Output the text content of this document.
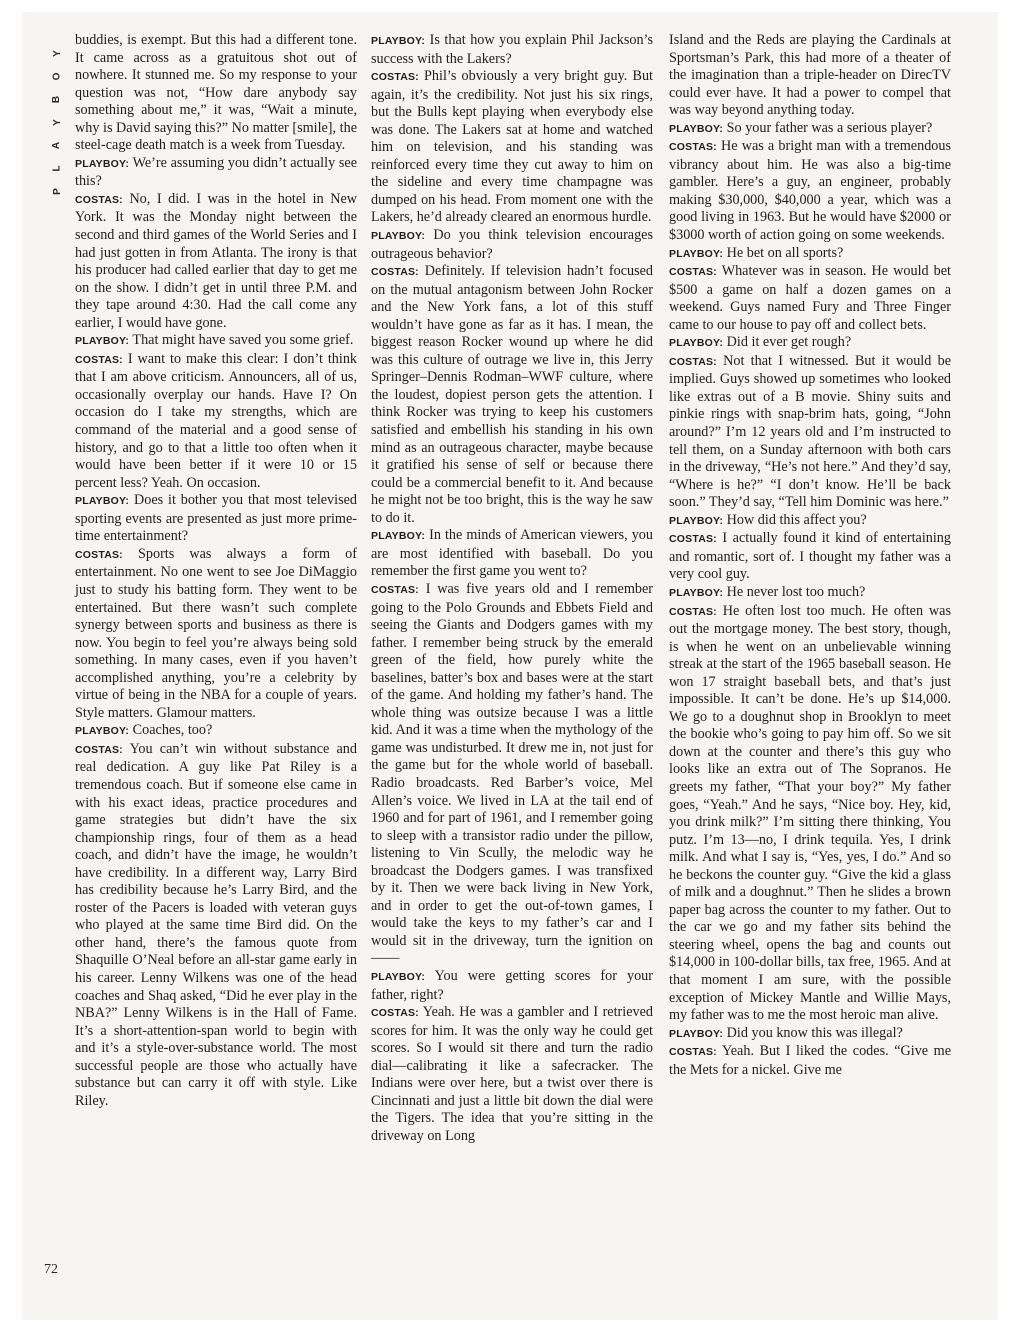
Y
O
B
Y
A
L
P

buddies, is exempt. But this had a different tone. It came across as a gratuitous shot out of nowhere. It stunned me. So my response to your question was not, “How dare anybody say something about me,” it was, “Wait a minute, why is David saying this?” No matter [smile], the steel-cage death match is a week from Tuesday.

PLAYBOY: We’re assuming you didn’t actually see this?

COSTAS: No, I did. I was in the hotel in New York. It was the Monday night between the second and third games of the World Series and I had just gotten in from Atlanta. The irony is that his producer had called earlier that day to get me on the show. I didn’t get in until three P.M. and they tape around 4:30. Had the call come any earlier, I would have gone.

PLAYBOY: That might have saved you some grief.

COSTAS: I want to make this clear: I don’t think that I am above criticism. Announcers, all of us, occasionally overplay our hands. Have I? On occasion do I take my strengths, which are command of the material and a good sense of history, and go to that a little too often when it would have been better if it were 10 or 15 percent less? Yeah. On occasion.

PLAYBOY: Does it bother you that most televised sporting events are presented as just more prime-time entertainment?

COSTAS: Sports was always a form of entertainment. No one went to see Joe DiMaggio just to study his batting form. They went to be entertained. But there wasn’t such complete synergy between sports and business as there is now. You begin to feel you’re always being sold something. In many cases, even if you haven’t accomplished anything, you’re a celebrity by virtue of being in the NBA for a couple of years. Style matters. Glamour matters.

PLAYBOY: Coaches, too?

COSTAS: You can’t win without substance and real dedication. A guy like Pat Riley is a tremendous coach. But if someone else came in with his exact ideas, practice procedures and game strategies but didn’t have the six championship rings, four of them as a head coach, and didn’t have the image, he wouldn’t have credibility. In a different way, Larry Bird has credibility because he’s Larry Bird, and the roster of the Pacers is loaded with veteran guys who played at the same time Bird did. On the other hand, there’s the famous quote from Shaquille O’Neal before an all-star game early in his career. Lenny Wilkens was one of the head coaches and Shaq asked, “Did he ever play in the NBA?” Lenny Wilkens is in the Hall of Fame. It’s a short-attention-span world to begin with and it’s a style-over-substance world. The most successful people are those who actually have substance but can carry it off with style. Like Riley.

PLAYBOY: Is that how you explain Phil Jackson’s success with the Lakers?

COSTAS: Phil’s obviously a very bright guy. But again, it’s the credibility. Not just his six rings, but the Bulls kept playing when everybody else was done. The Lakers sat at home and watched him on television, and his standing was reinforced every time they cut away to him on the sideline and every time champagne was dumped on his head. From moment one with the Lakers, he’d already cleared an enormous hurdle.

PLAYBOY: Do you think television encourages outrageous behavior?

COSTAS: Definitely. If television hadn’t focused on the mutual antagonism between John Rocker and the New York fans, a lot of this stuff wouldn’t have gone as far as it has. I mean, the biggest reason Rocker wound up where he did was this culture of outrage we live in, this Jerry Springer–Dennis Rodman–WWF culture, where the loudest, dopiest person gets the attention. I think Rocker was trying to keep his customers satisfied and embellish his standing in his own mind as an outrageous character, maybe because it gratified his sense of self or because there could be a commercial benefit to it. And because he might not be too bright, this is the way he saw to do it.

PLAYBOY: In the minds of American viewers, you are most identified with baseball. Do you remember the first game you went to?

COSTAS: I was five years old and I remember going to the Polo Grounds and Ebbets Field and seeing the Giants and Dodgers games with my father. I remember being struck by the emerald green of the field, how purely white the baselines, batter’s box and bases were at the start of the game. And holding my father’s hand. The whole thing was outsize because I was a little kid. And it was a time when the mythology of the game was undisturbed. It drew me in, not just for the game but for the whole world of baseball. Radio broadcasts. Red Barber’s voice, Mel Allen’s voice. We lived in LA at the tail end of 1960 and for part of 1961, and I remember going to sleep with a transistor radio under the pillow, listening to Vin Scully, the melodic way he broadcast the Dodgers games. I was transfixed by it. Then we were back living in New York, and in order to get the out-of-town games, I would take the keys to my father’s car and I would sit in the driveway, turn the ignition on——

PLAYBOY: You were getting scores for your father, right?

COSTAS: Yeah. He was a gambler and I retrieved scores for him. It was the only way he could get scores. So I would sit there and turn the radio dial—calibrating it like a safecracker. The Indians were over here, but a twist over there is Cincinnati and just a little bit down the dial were the Tigers. The idea that you’re sitting in the driveway on Long

Island and the Reds are playing the Cardinals at Sportsman’s Park, this had more of a theater of the imagination than a triple-header on DirecTV could ever have. It had a power to compel that was way beyond anything today.

PLAYBOY: So your father was a serious player?

COSTAS: He was a bright man with a tremendous vibrancy about him. He was also a big-time gambler. Here’s a guy, an engineer, probably making $30,000, $40,000 a year, which was a good living in 1963. But he would have $2000 or $3000 worth of action going on some weekends.

PLAYBOY: He bet on all sports?

COSTAS: Whatever was in season. He would bet $500 a game on half a dozen games on a weekend. Guys named Fury and Three Finger came to our house to pay off and collect bets.

PLAYBOY: Did it ever get rough?

COSTAS: Not that I witnessed. But it would be implied. Guys showed up sometimes who looked like extras out of a B movie. Shiny suits and pinkie rings with snap-brim hats, going, “John around?” I’m 12 years old and I’m instructed to tell them, on a Sunday afternoon with both cars in the driveway, “He’s not here.” And they’d say, “Where is he?” “I don’t know. He’ll be back soon.” They’d say, “Tell him Dominic was here.”

PLAYBOY: How did this affect you?

COSTAS: I actually found it kind of entertaining and romantic, sort of. I thought my father was a very cool guy.

PLAYBOY: He never lost too much?

COSTAS: He often lost too much. He often was out the mortgage money. The best story, though, is when he went on an unbelievable winning streak at the start of the 1965 baseball season. He won 17 straight baseball bets, and that’s just impossible. It can’t be done. He’s up $14,000. We go to a doughnut shop in Brooklyn to meet the bookie who’s going to pay him off. So we sit down at the counter and there’s this guy who looks like an extra out of The Sopranos. He greets my father, “That your boy?” My father goes, “Yeah.” And he says, “Nice boy. Hey, kid, you drink milk?” I’m sitting there thinking, You putz. I’m 13—no, I drink tequila. Yes, I drink milk. And what I say is, “Yes, yes, I do.” And so he beckons the counter guy. “Give the kid a glass of milk and a doughnut.” Then he slides a brown paper bag across the counter to my father. Out to the car we go and my father sits behind the steering wheel, opens the bag and counts out $14,000 in 100-dollar bills, tax free, 1965. And at that moment I am sure, with the possible exception of Mickey Mantle and Willie Mays, my father was to me the most heroic man alive.

PLAYBOY: Did you know this was illegal?

COSTAS: Yeah. But I liked the codes. “Give me the Mets for a nickel. Give me

72
